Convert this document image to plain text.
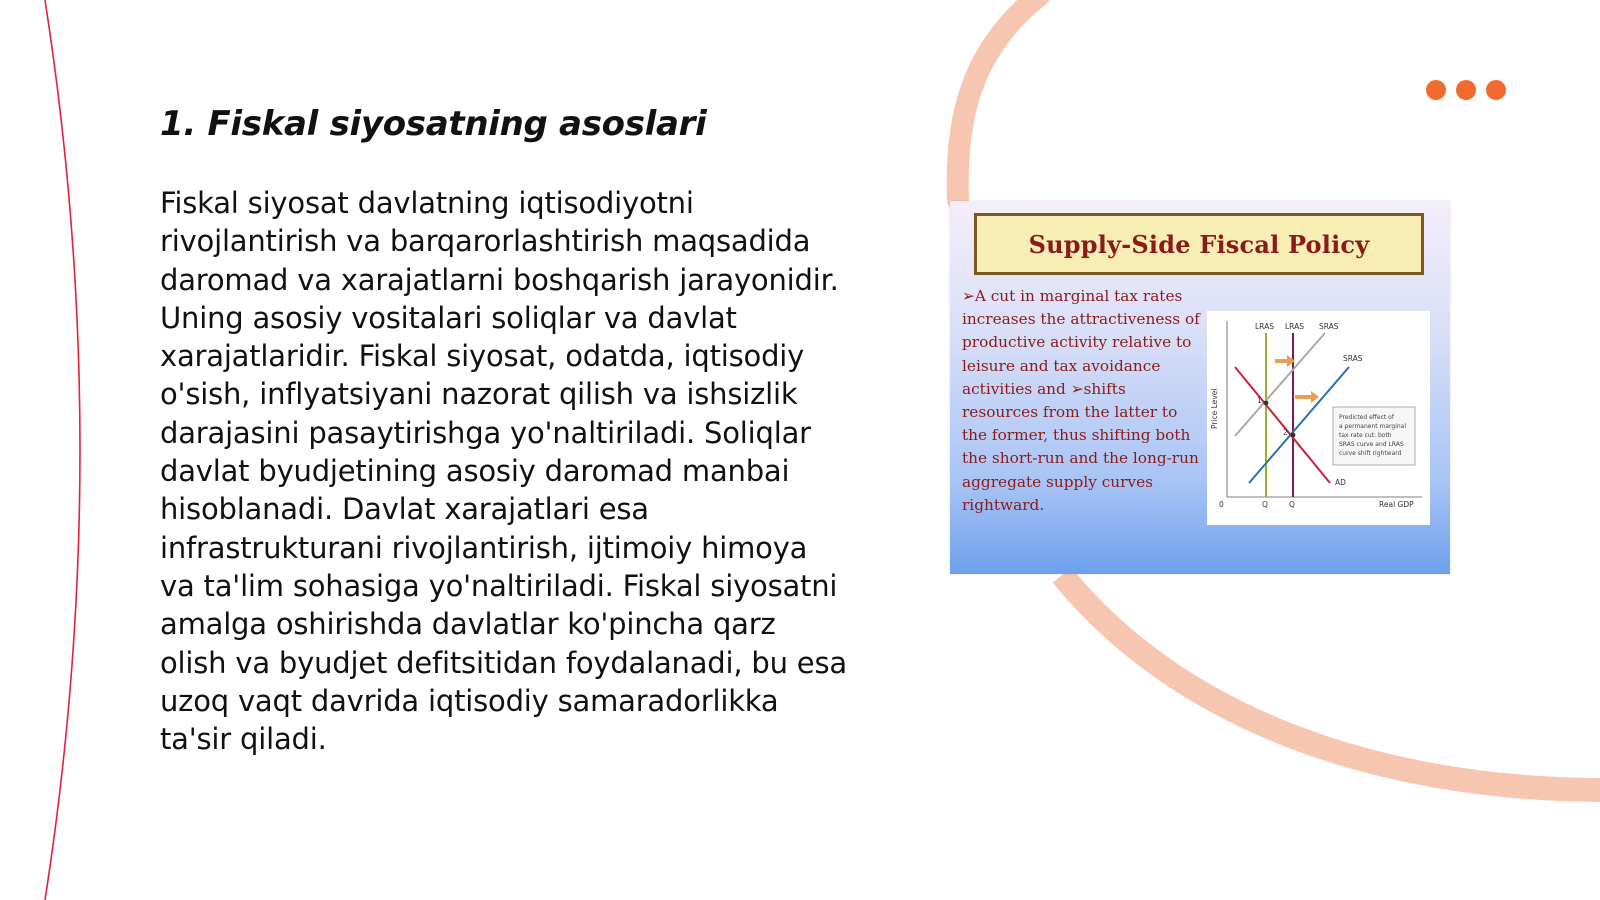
1. Fiskal siyosatning asoslari

Fiskal siyosat davlatning iqtisodiyotni rivojlantirish va barqarorlashtirish maqsadida daromad va xarajatlarni boshqarish jarayonidir. Uning asosiy vositalari soliqlar va davlat xarajatlaridir. Fiskal siyosat, odatda, iqtisodiy o'sish, inflyatsiyani nazorat qilish va ishsizlik darajasini pasaytirishga yo'naltiriladi. Soliqlar davlat byudjetining asosiy daromad manbai hisoblanadi. Davlat xarajatlari esa infrastrukturani rivojlantirish, ijtimoiy himoya va ta'lim sohasiga yo'naltiriladi. Fiskal siyosatni amalga oshirishda davlatlar ko'pincha qarz olish va byudjet defitsitidan foydalanadi, bu esa uzoq vaqt davrida iqtisodiy samaradorlikka ta'sir qiladi.

Supply-Side Fiscal Policy

➢A cut in marginal tax rates increases the attractiveness of productive activity relative to leisure and tax avoidance activities and ➢shifts resources from the latter to the former, thus shifting both the short-run and the long-run aggregate supply curves rightward.

Price Level
Real GDP
0
1
2
LRAS LRAS SRAS
SRAS
AD
Q	Q
Predicted effect of
a permanent marginal
tax rate cut: both
SRAS curve and LRAS
curve shift rightward
